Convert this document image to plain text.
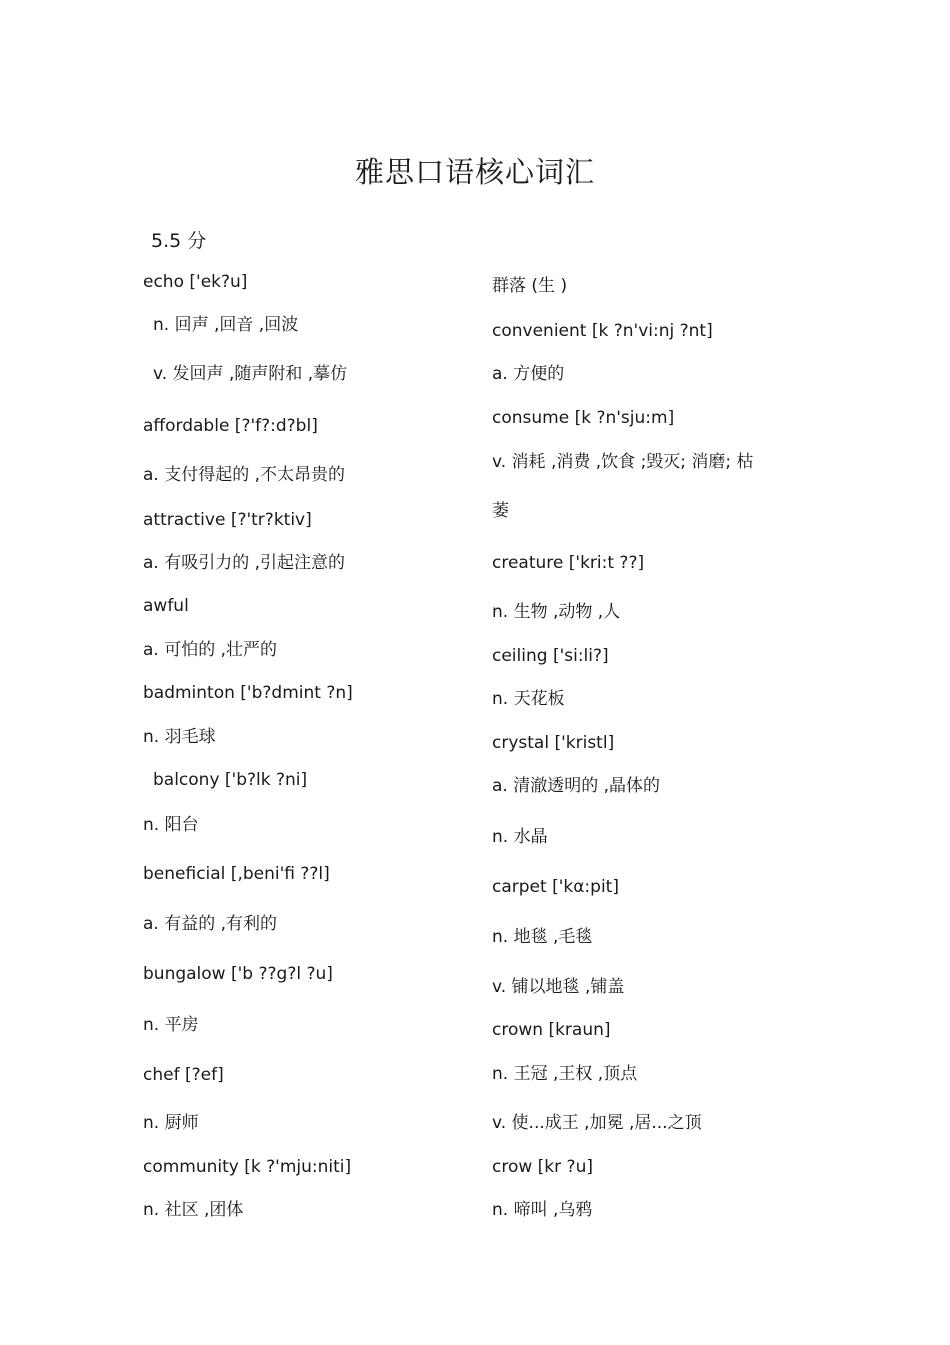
雅思口语核心词汇
5.5 分
echo ['ek?u]
n. 回声 ,回音 ,回波
v. 发回声 ,随声附和 ,摹仿
affordable [?'f?:d?bl]
a. 支付得起的 ,不太昂贵的
attractive [?'tr?ktiv]
a. 有吸引力的 ,引起注意的
awful
a. 可怕的 ,壮严的
badminton ['b?dmint ?n]
n. 羽毛球
balcony ['b?lk ?ni]
n. 阳台
beneficial [,beni'fi ??l]
a. 有益的 ,有利的
bungalow ['b ??g?l ?u]
n. 平房
chef [?ef]
n. 厨师
community [k ?'mju:niti]
n. 社区 ,团体
群落 (生 )
convenient [k ?n'vi:nj ?nt]
a. 方便的
consume [k ?n'sju:m]
v. 消耗 ,消费 ,饮食 ;毁灭; 消磨; 枯
萎
creature ['kri:t ??]
n. 生物 ,动物 ,人
ceiling ['si:li?]
n. 天花板
crystal ['kristl]
a. 清澈透明的 ,晶体的
n. 水晶
carpet ['kα:pit]
n. 地毯 ,毛毯
v. 铺以地毯 ,铺盖
crown [kraun]
n. 王冠 ,王权 ,顶点
v. 使...成王 ,加冕 ,居...之顶
crow [kr ?u]
n. 啼叫 ,乌鸦
